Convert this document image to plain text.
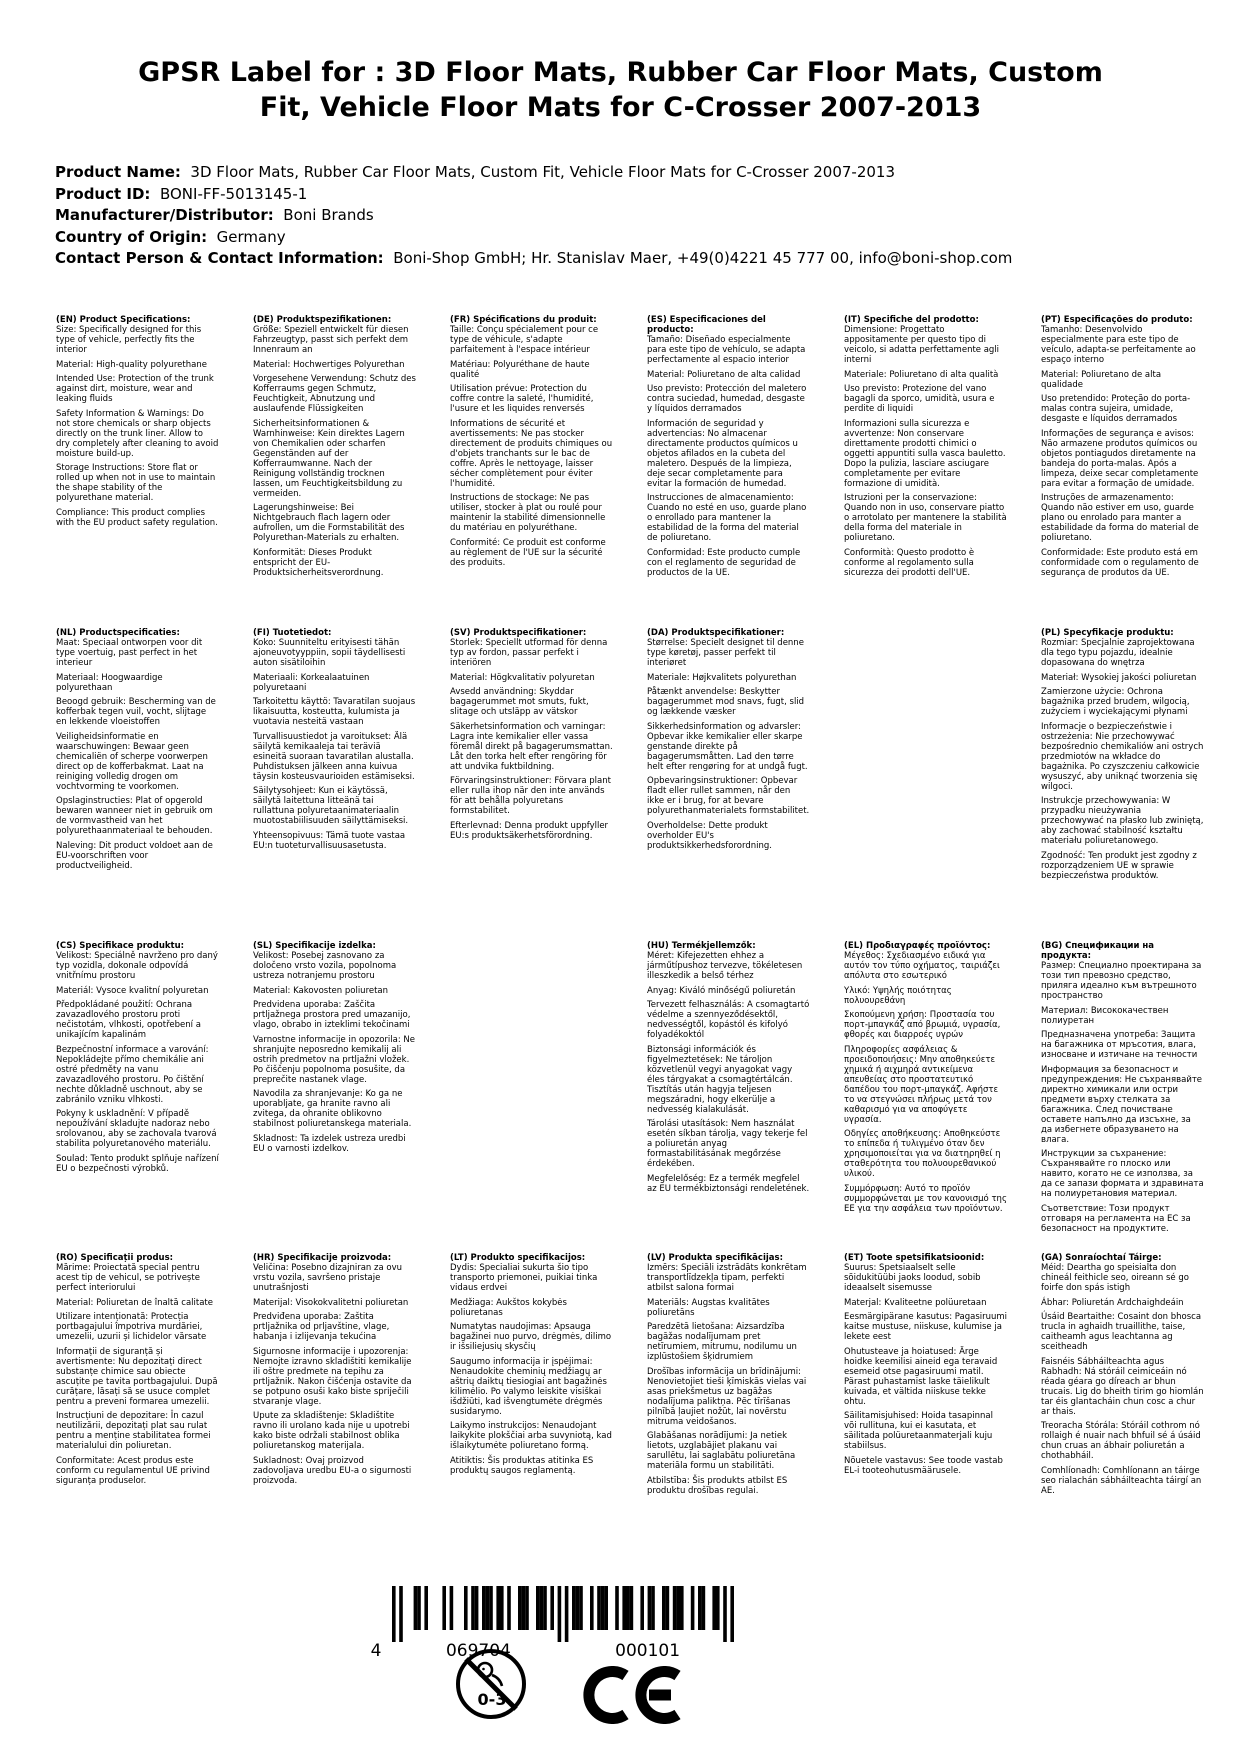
GPSR Label for : 3D Floor Mats, Rubber Car Floor Mats, Custom Fit, Vehicle Floor Mats for C-Crosser 2007-2013
Product Name:  3D Floor Mats, Rubber Car Floor Mats, Custom Fit, Vehicle Floor Mats for C-Crosser 2007-2013
Product ID:  BONI-FF-5013145-1
Manufacturer/Distributor:  Boni Brands
Country of Origin:  Germany
Contact Person & Contact Information:  Boni-Shop GmbH; Hr. Stanislav Maer, +49(0)4221 45 777 00, info@boni-shop.com
(EN) Product Specifications:

Size: Specifically designed for this type of vehicle, perfectly fits the interior

Material: High-quality polyurethane

Intended Use: Protection of the trunk against dirt, moisture, wear and leaking fluids

Safety Information & Warnings: Do not store chemicals or sharp objects directly on the trunk liner. Allow to dry completely after cleaning to avoid moisture build-up.

Storage Instructions: Store flat or rolled up when not in use to maintain the shape stability of the polyurethane material.

Compliance: This product complies with the EU product safety regulation.

(DE) Produktspezifikationen:

Größe: Speziell entwickelt für diesen Fahrzeugtyp, passt sich perfekt dem Innenraum an

Material: Hochwertiges Polyurethan

Vorgesehene Verwendung: Schutz des Kofferraums gegen Schmutz, Feuchtigkeit, Abnutzung und auslaufende Flüssigkeiten

Sicherheitsinformationen & Warnhinweise: Kein direktes Lagern von Chemikalien oder scharfen Gegenständen auf der Kofferraumwanne. Nach der Reinigung vollständig trocknen lassen, um Feuchtigkeitsbildung zu vermeiden.

Lagerungshinweise: Bei Nichtgebrauch flach lagern oder aufrollen, um die Formstabilität des Polyurethan-Materials zu erhalten.

Konformität: Dieses Produkt entspricht der EU-Produktsicherheitsverordnung.

(FR) Spécifications du produit:

Taille: Conçu spécialement pour ce type de véhicule, s'adapte parfaitement à l'espace intérieur

Matériau: Polyuréthane de haute qualité

Utilisation prévue: Protection du coffre contre la saleté, l'humidité, l'usure et les liquides renversés

Informations de sécurité et avertissements: Ne pas stocker directement de produits chimiques ou d'objets tranchants sur le bac de coffre. Après le nettoyage, laisser sécher complètement pour éviter l'humidité.

Instructions de stockage: Ne pas utiliser, stocker à plat ou roulé pour maintenir la stabilité dimensionnelle du matériau en polyuréthane.

Conformité: Ce produit est conforme au règlement de l'UE sur la sécurité des produits.

(ES) Especificaciones del producto:

Tamaño: Diseñado especialmente para este tipo de vehículo, se adapta perfectamente al espacio interior

Material: Poliuretano de alta calidad

Uso previsto: Protección del maletero contra suciedad, humedad, desgaste y líquidos derramados

Información de seguridad y advertencias: No almacenar directamente productos químicos u objetos afilados en la cubeta del maletero. Después de la limpieza, deje secar completamente para evitar la formación de humedad.

Instrucciones de almacenamiento: Cuando no esté en uso, guarde plano o enrollado para mantener la estabilidad de la forma del material de poliuretano.

Conformidad: Este producto cumple con el reglamento de seguridad de productos de la UE.

(IT) Specifiche del prodotto:

Dimensione: Progettato appositamente per questo tipo di veicolo, si adatta perfettamente agli interni

Materiale: Poliuretano di alta qualità

Uso previsto: Protezione del vano bagagli da sporco, umidità, usura e perdite di liquidi

Informazioni sulla sicurezza e avvertenze: Non conservare direttamente prodotti chimici o oggetti appuntiti sulla vasca bauletto. Dopo la pulizia, lasciare asciugare completamente per evitare formazione di umidità.

Istruzioni per la conservazione: Quando non in uso, conservare piatto o arrotolato per mantenere la stabilità della forma del materiale in poliuretano.

Conformità: Questo prodotto è conforme al regolamento sulla sicurezza dei prodotti dell'UE.

(PT) Especificações do produto:

Tamanho: Desenvolvido especialmente para este tipo de veículo, adapta-se perfeitamente ao espaço interno

Material: Poliuretano de alta qualidade

Uso pretendido: Proteção do porta-malas contra sujeira, umidade, desgaste e líquidos derramados

Informações de segurança e avisos: Não armazene produtos químicos ou objetos pontiagudos diretamente na bandeja do porta-malas. Após a limpeza, deixe secar completamente para evitar a formação de umidade.

Instruções de armazenamento: Quando não estiver em uso, guarde plano ou enrolado para manter a estabilidade da forma do material de poliuretano.

Conformidade: Este produto está em conformidade com o regulamento de segurança de produtos da UE.

(NL) Productspecificaties:

Maat: Speciaal ontworpen voor dit type voertuig, past perfect in het interieur

Materiaal: Hoogwaardige polyurethaan

Beoogd gebruik: Bescherming van de kofferbak tegen vuil, vocht, slijtage en lekkende vloeistoffen

Veiligheidsinformatie en waarschuwingen: Bewaar geen chemicaliën of scherpe voorwerpen direct op de kofferbakmat. Laat na reiniging volledig drogen om vochtvorming te voorkomen.

Opslaginstructies: Plat of opgerold bewaren wanneer niet in gebruik om de vormvastheid van het polyurethaanmateriaal te behouden.

Naleving: Dit product voldoet aan de EU-voorschriften voor productveiligheid.

(FI) Tuotetiedot:

Koko: Suunniteltu erityisesti tähän ajoneuvotyyppiin, sopii täydellisesti auton sisätiloihin

Materiaali: Korkealaatuinen polyuretaani

Tarkoitettu käyttö: Tavaratilan suojaus likaisuutta, kosteutta, kulumista ja vuotavia nesteitä vastaan

Turvallisuustiedot ja varoitukset: Älä säilytä kemikaaleja tai teräviä esineitä suoraan tavaratilan alustalla. Puhdistuksen jälkeen anna kuivua täysin kosteusvaurioiden estämiseksi.

Säilytysohjeet: Kun ei käytössä, säilytä laitettuna litteänä tai rullattuna polyuretaanimateriaalin muotostabiilisuuden säilyttämiseksi.

Yhteensopivuus: Tämä tuote vastaa EU:n tuoteturvallisuusasetusta.

(SV) Produktspecifikationer:

Storlek: Speciellt utformad för denna typ av fordon, passar perfekt i interiören

Material: Högkvalitativ polyuretan

Avsedd användning: Skyddar bagagerummet mot smuts, fukt, slitage och utsläpp av vätskor

Säkerhetsinformation och varningar: Lagra inte kemikalier eller vassa föremål direkt på bagagerumsmattan. Låt den torka helt efter rengöring för att undvika fuktbildning.

Förvaringsinstruktioner: Förvara plant eller rulla ihop när den inte används för att behålla polyuretans formstabilitet.

Efterlevnad: Denna produkt uppfyller EU:s produktsäkerhetsförordning.

(DA) Produktspecifikationer:

Størrelse: Specielt designet til denne type køretøj, passer perfekt til interiøret

Materiale: Højkvalitets polyurethan

Påtænkt anvendelse: Beskytter bagagerummet mod snavs, fugt, slid og lækkende væsker

Sikkerhedsinformation og advarsler: Opbevar ikke kemikalier eller skarpe genstande direkte på bagagerumsmåtten. Lad den tørre helt efter rengøring for at undgå fugt.

Opbevaringsinstruktioner: Opbevar fladt eller rullet sammen, når den ikke er i brug, for at bevare polyurethanmaterialets formstabilitet.

Overholdelse: Dette produkt overholder EU's produktsikkerhedsforordning.

(PL) Specyfikacje produktu:

Rozmiar: Specjalnie zaprojektowana dla tego typu pojazdu, idealnie dopasowana do wnętrza

Materiał: Wysokiej jakości poliuretan

Zamierzone użycie: Ochrona bagażnika przed brudem, wilgocią, zużyciem i wyciekającymi płynami

Informacje o bezpieczeństwie i ostrzeżenia: Nie przechowywać bezpośrednio chemikaliów ani ostrych przedmiotów na wkładce do bagażnika. Po czyszczeniu całkowicie wysuszyć, aby uniknąć tworzenia się wilgoci.

Instrukcje przechowywania: W przypadku nieużywania przechowywać na płasko lub zwiniętą, aby zachować stabilność kształtu materiału poliuretanowego.

Zgodność: Ten produkt jest zgodny z rozporządzeniem UE w sprawie bezpieczeństwa produktów.

(CS) Specifikace produktu:

Velikost: Speciálně navrženo pro daný typ vozidla, dokonale odpovídá vnitřnímu prostoru

Materiál: Vysoce kvalitní polyuretan

Předpokládané použití: Ochrana zavazadlového prostoru proti nečistotám, vlhkosti, opotřebení a unikajícím kapalinám

Bezpečnostní informace a varování: Nepokládejte přímo chemikálie ani ostré předměty na vanu zavazadlového prostoru. Po čištění nechte důkladně uschnout, aby se zabránilo vzniku vlhkosti.

Pokyny k uskladnění: V případě nepoužívání skladujte nadoraz nebo srolovanou, aby se zachovala tvarová stabilita polyuretanového materiálu.

Soulad: Tento produkt splňuje nařízení EU o bezpečnosti výrobků.

(SL) Specifikacije izdelka:

Velikost: Posebej zasnovano za določeno vrsto vozila, popolnoma ustreza notranjemu prostoru

Material: Kakovosten poliuretan

Predvidena uporaba: Zaščita prtljažnega prostora pred umazanijo, vlago, obrabo in izteklimi tekočinami

Varnostne informacije in opozorila: Ne shranjujte neposredno kemikalij ali ostrih predmetov na prtljažni vložek. Po čiščenju popolnoma posušite, da preprečite nastanek vlage.

Navodila za shranjevanje: Ko ga ne uporabljate, ga hranite ravno ali zvitega, da ohranite oblikovno stabilnost poliuretanskega materiala.

Skladnost: Ta izdelek ustreza uredbi EU o varnosti izdelkov.

(HU) Termékjellemzők:

Méret: Kifejezetten ehhez a járműtípushoz tervezve, tökéletesen illeszkedik a belső térhez

Anyag: Kiváló minőségű poliuretán

Tervezett felhasználás: A csomagtartó védelme a szennyeződésektől, nedvességtől, kopástól és kifolyó folyadékoktól

Biztonsági információk és figyelmeztetések: Ne tároljon közvetlenül vegyi anyagokat vagy éles tárgyakat a csomagtértálcán. Tisztítás után hagyja teljesen megszáradni, hogy elkerülje a nedvesség kialakulását.

Tárolási utasítások: Nem használat esetén síkban tárolja, vagy tekerje fel a poliuretán anyag formastabilitásának megőrzése érdekében.

Megfelelőség: Ez a termék megfelel az EU termékbiztonsági rendeletének.

(EL) Προδιαγραφές προϊόντος:

Μέγεθος: Σχεδιασμένο ειδικά για αυτόν τον τύπο οχήματος, ταιριάζει απόλυτα στο εσωτερικό

Υλικό: Υψηλής ποιότητας πολυουρεθάνη

Σκοπούμενη χρήση: Προστασία του πορτ-μπαγκάζ από βρωμιά, υγρασία, φθορές και διαρροές υγρών

Πληροφορίες ασφάλειας & προειδοποιήσεις: Μην αποθηκεύετε χημικά ή αιχμηρά αντικείμενα απευθείας στο προστατευτικό δαπέδου του πορτ-μπαγκάζ. Αφήστε το να στεγνώσει πλήρως μετά τον καθαρισμό για να αποφύγετε υγρασία.

Οδηγίες αποθήκευσης: Αποθηκεύστε το επίπεδα ή τυλιγμένο όταν δεν χρησιμοποιείται για να διατηρηθεί η σταθερότητα του πολυουρεθανικού υλικού.

Συμμόρφωση: Αυτό το προϊόν συμμορφώνεται με τον κανονισμό της ΕΕ για την ασφάλεια των προϊόντων.

(BG) Спецификации на продукта:

Размер: Специално проектирана за този тип превозно средство, приляга идеално към вътрешното пространство

Материал: Висококачествен полиуретан

Предназначена употреба: Защита на багажника от мръсотия, влага, износване и изтичане на течности

Информация за безопасност и предупреждения: Не съхранявайте директно химикали или остри предмети върху стелката за багажника. След почистване оставете напълно да изсъхне, за да избегнете образуването на влага.

Инструкции за съхранение: Съхранявайте го плоско или навито, когато не се използва, за да се запази формата и здравината на полиуретановия материал.

Съответствие: Този продукт отговаря на регламента на ЕС за безопасност на продуктите.

(RO) Specificații produs:

Mărime: Proiectată special pentru acest tip de vehicul, se potrivește perfect interiorului

Material: Poliuretan de înaltă calitate

Utilizare intenționată: Protecția portbagajului împotriva murdăriei, umezelii, uzurii și lichidelor vărsate

Informații de siguranță și avertismente: Nu depozitați direct substanțe chimice sau obiecte ascuțite pe tavita portbagajului. După curățare, lăsați să se usuce complet pentru a preveni formarea umezelii.

Instrucțiuni de depozitare: În cazul neutilizării, depozitați plat sau rulat pentru a menține stabilitatea formei materialului din poliuretan.

Conformitate: Acest produs este conform cu regulamentul UE privind siguranța produselor.

(HR) Specifikacije proizvoda:

Veličina: Posebno dizajniran za ovu vrstu vozila, savršeno pristaje unutrašnjosti

Materijal: Visokokvalitetni poliuretan

Predviđena uporaba: Zaštita prtljažnika od prljavštine, vlage, habanja i izlijevanja tekućina

Sigurnosne informacije i upozorenja: Nemojte izravno skladištiti kemikalije ili oštre predmete na tepihu za prtljažnik. Nakon čišćenja ostavite da se potpuno osuši kako biste spriječili stvaranje vlage.

Upute za skladištenje: Skladištite ravno ili urolano kada nije u upotrebi kako biste održali stabilnost oblika poliuretanskog materijala.

Sukladnost: Ovaj proizvod zadovoljava uredbu EU-a o sigurnosti proizvoda.

(LT) Produkto specifikacijos:

Dydis: Specialiai sukurta šio tipo transporto priemonei, puikiai tinka vidaus erdvei

Medžiaga: Aukštos kokybės poliuretanas

Numatytas naudojimas: Apsauga bagažinei nuo purvo, drėgmės, dilimo ir išsiliejusių skysčių

Saugumo informacija ir įspėjimai: Nenaudokite cheminių medžiagų ar aštrių daiktų tiesiogiai ant bagažinės kilimėlio. Po valymo leiskite visiškai išdžiūti, kad išvengtumėte drėgmės susidarymo.

Laikymo instrukcijos: Nenaudojant laikykite plokščiai arba suvyniotą, kad išlaikytumėte poliuretano formą.

Atitiktis: Šis produktas atitinka ES produktų saugos reglamentą.

(LV) Produkta specifikācijas:

Izmērs: Speciāli izstrādāts konkrētam transportlīdzekļa tipam, perfekti atbilst salona formai

Materiāls: Augstas kvalitātes poliuretāns

Paredzētā lietošana: Aizsardzība bagāžas nodalījumam pret netīrumiem, mitrumu, nodilumu un izplūstošiem šķidrumiem

Drošības informācija un brīdinājumi: Nenovietojiet tieši ķīmiskās vielas vai asas priekšmetus uz bagāžas nodalījuma paliktņa. Pēc tīrīšanas pilnībā ļaujiet nožūt, lai novērstu mitruma veidošanos.

Glabāšanas norādījumi: Ja netiek lietots, uzglabājiet plakanu vai sarullētu, lai saglabātu poliuretāna materiāla formu un stabilitāti.

Atbilstība: Šis produkts atbilst ES produktu drošības regulai.

(ET) Toote spetsifikatsioonid:

Suurus: Spetsiaalselt selle sõidukitüübi jaoks loodud, sobib ideaalselt sisemusse

Materjal: Kvaliteetne polüuretaan

Eesmärgipärane kasutus: Pagasiruumi kaitse mustuse, niiskuse, kulumise ja lekete eest

Ohutusteave ja hoiatused: Ärge hoidke keemilisi aineid ega teravaid esemeid otse pagasiruumi matil. Pärast puhastamist laske täielikult kuivada, et vältida niiskuse tekke ohtu.

Säilitamisjuhised: Hoida tasapinnal või rullituna, kui ei kasutata, et säilitada polüuretaanmaterjali kuju stabiilsus.

Nõuetele vastavus: See toode vastab EL-i tooteohutusmäärusele.

(GA) Sonraíochtaí Táirge:

Méid: Deartha go speisialta don chineál feithicle seo, oireann sé go foirfe don spás istigh

Ábhar: Poliuretán Ardchaighdeáin

Úsáid Beartaithe: Cosaint don bhosca trucla in aghaidh truaillithe, taise, caitheamh agus leachtanna ag sceitheadh

Faisnéis Sábháilteachta agus Rabhadh: Ná stóráil ceimiceáin nó réada géara go díreach ar bhun trucais. Lig do bheith tirim go hiomlán tar éis glantacháin chun cosc a chur ar thais.

Treoracha Stórála: Stóráil cothrom nó rollaigh é nuair nach bhfuil sé á úsáid chun cruas an ábhair poliuretán a chothabháil.

Comhlíonadh: Comhlíonann an táirge seo rialachán sábháilteachta táirgí an AE.

4	069704	000101
0-3
